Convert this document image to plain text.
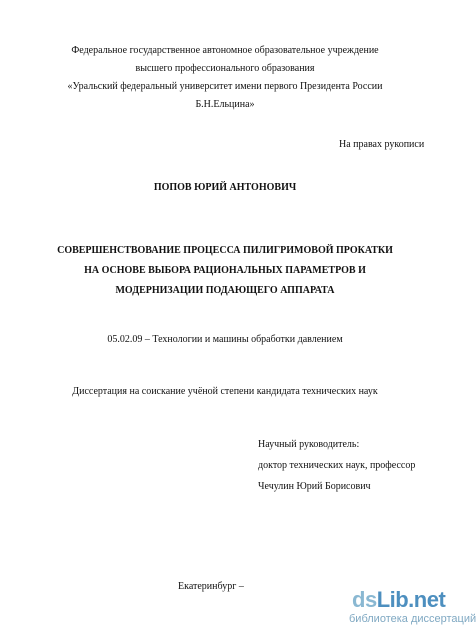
Федеральное государственное автономное образовательное учреждение
высшего профессионального образования
«Уральский федеральный университет имени первого Президента России
Б.Н.Ельцина»
На правах рукописи
ПОПОВ ЮРИЙ АНТОНОВИЧ
СОВЕРШЕНСТВОВАНИЕ ПРОЦЕССА ПИЛИГРИМОВОЙ ПРОКАТКИ
НА ОСНОВЕ ВЫБОРА РАЦИОНАЛЬНЫХ ПАРАМЕТРОВ И
МОДЕРНИЗАЦИИ ПОДАЮЩЕГО АППАРАТА
05.02.09 – Технологии и машины обработки давлением
Диссертация на соискание учёной степени кандидата технических наук
Научный руководитель:
доктор технических наук, профессор
Чечулин Юрий Борисович
Екатеринбург –

dsLib.net
библиотека диссертаций
